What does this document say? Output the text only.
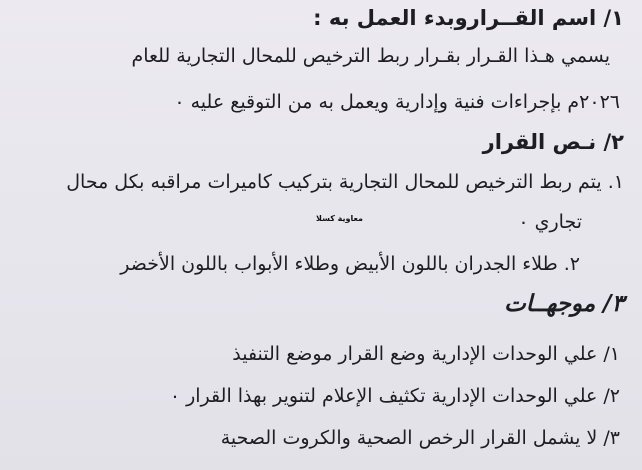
١/ اسم القــراروبدء العمل به :
يسمي هـذا القـرار بقـرار ربط الترخيص للمحال التجارية للعام
٢٠٢٦م بإجراءات فنية وإدارية ويعمل به من التوقيع عليه ٠
٢/ نـص القرار
١. يتم ربط الترخيص للمحال التجارية بتركيب كاميرات مراقبه بكل محال
معاوية كسلا	تجاري ٠
٢. طلاء الجدران باللون الأبيض وطلاء الأبواب باللون الأخضر
٣/ موجهــات
١/ علي الوحدات الإدارية وضع القرار موضع التنفيذ
٢/ علي الوحدات الإدارية تكثيف الإعلام لتنوير بهذا القرار ٠
٣/ لا يشمل القرار الرخص الصحية والكروت الصحية
